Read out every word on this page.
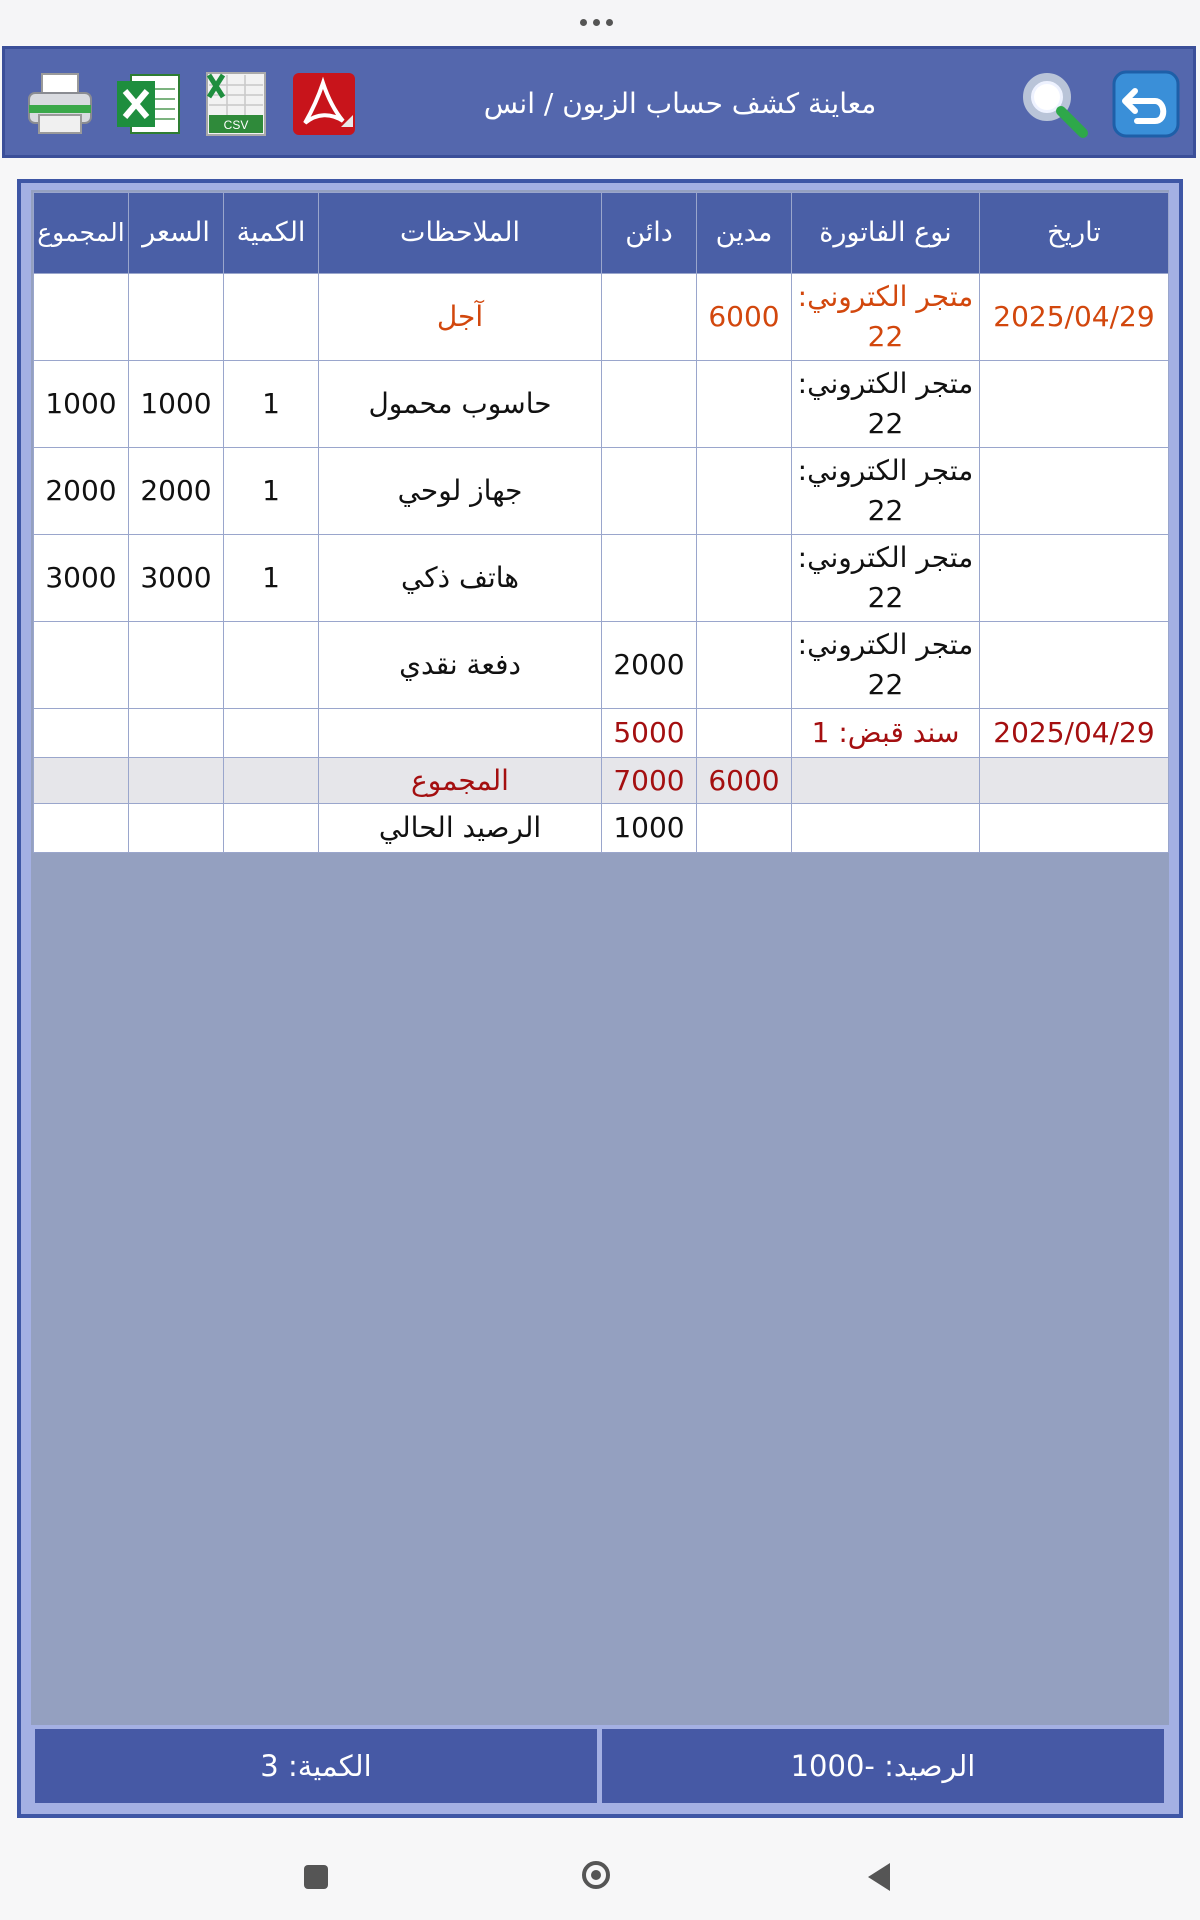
CSV
معاينة كشف حساب الزبون / انس
تاريخ	نوع الفاتورة	مدين	دائن	الملاحظات	الكمية	السعر	المجموع
2025/04/29	متجر الكتروني: 22	6000		آجل			
	متجر الكتروني: 22			حاسوب محمول	1	1000	1000
	متجر الكتروني: 22			جهاز لوحي	1	2000	2000
	متجر الكتروني: 22			هاتف ذكي	1	3000	3000
	متجر الكتروني: 22		2000	دفعة نقدي			
2025/04/29	سند قبض: 1		5000				
		6000	7000	المجموع			
			1000	الرصيد الحالي			
الرصيد: -1000
الكمية: 3
